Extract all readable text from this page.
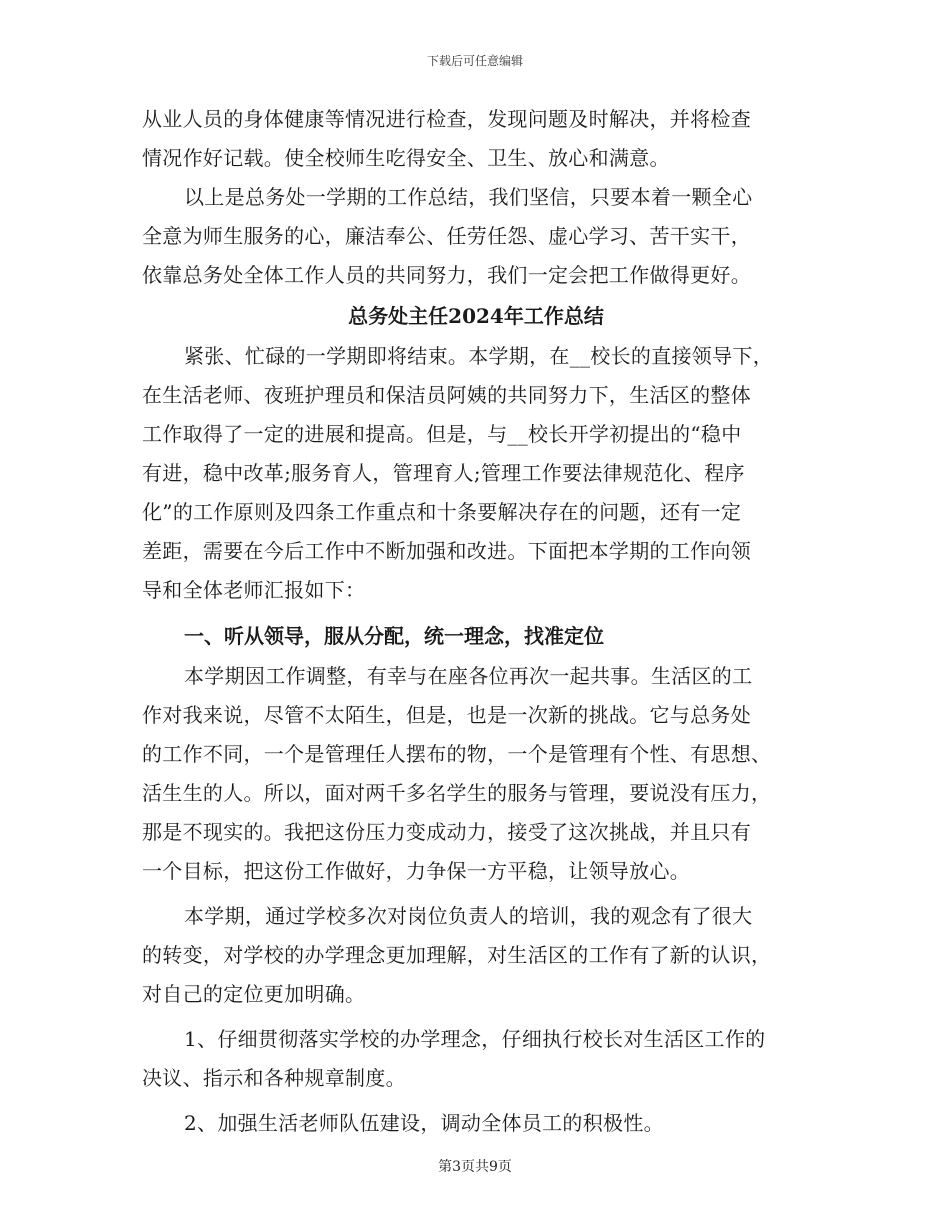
下载后可任意编辑
从业人员的身体健康等情况进行检查，发现问题及时解决，并将检查
情况作好记载。使全校师生吃得安全、卫生、放心和满意。
以上是总务处一学期的工作总结，我们坚信，只要本着一颗全心
全意为师生服务的心，廉洁奉公、任劳任怨、虚心学习、苦干实干，
依靠总务处全体工作人员的共同努力，我们一定会把工作做得更好。
总务处主任2024年工作总结
紧张、忙碌的一学期即将结束。本学期，在__校长的直接领导下，
在生活老师、夜班护理员和保洁员阿姨的共同努力下，生活区的整体
工作取得了一定的进展和提高。但是，与__校长开学初提出的“稳中
有进，稳中改革;服务育人，管理育人;管理工作要法律规范化、程序
化”的工作原则及四条工作重点和十条要解决存在的问题，还有一定
差距，需要在今后工作中不断加强和改进。下面把本学期的工作向领
导和全体老师汇报如下：
一、听从领导，服从分配，统一理念，找准定位
本学期因工作调整，有幸与在座各位再次一起共事。生活区的工
作对我来说，尽管不太陌生，但是，也是一次新的挑战。它与总务处
的工作不同，一个是管理任人摆布的物，一个是管理有个性、有思想、
活生生的人。所以，面对两千多名学生的服务与管理，要说没有压力，
那是不现实的。我把这份压力变成动力，接受了这次挑战，并且只有
一个目标，把这份工作做好，力争保一方平稳，让领导放心。
本学期，通过学校多次对岗位负责人的培训，我的观念有了很大
的转变，对学校的办学理念更加理解，对生活区的工作有了新的认识，
对自己的定位更加明确。
1、仔细贯彻落实学校的办学理念，仔细执行校长对生活区工作的
决议、指示和各种规章制度。
2、加强生活老师队伍建设，调动全体员工的积极性。
第3页共9页
